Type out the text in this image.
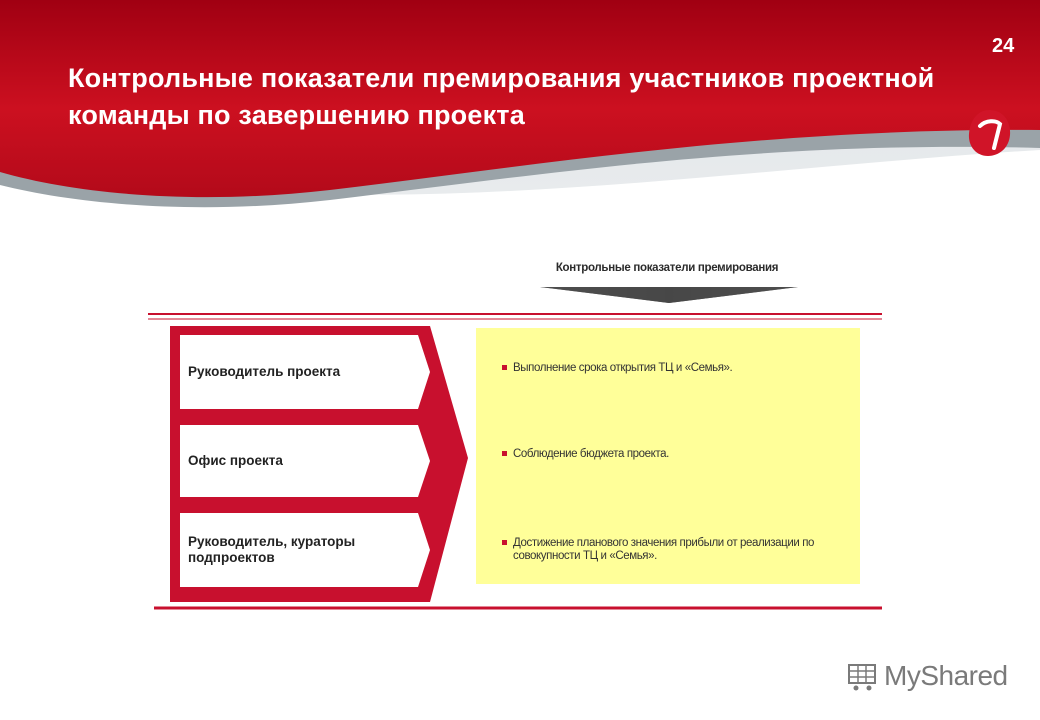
Контрольные показатели премирования участников проектной команды по завершению проекта
24
Контрольные показатели премирования
Руководитель проекта
Офис проекта
Руководитель, кураторы подпроектов
Выполнение срока открытия ТЦ и «Семья».
Соблюдение бюджета проекта.
Достижение планового значения прибыли от реализации по совокупности ТЦ и «Семья».
MyShared
